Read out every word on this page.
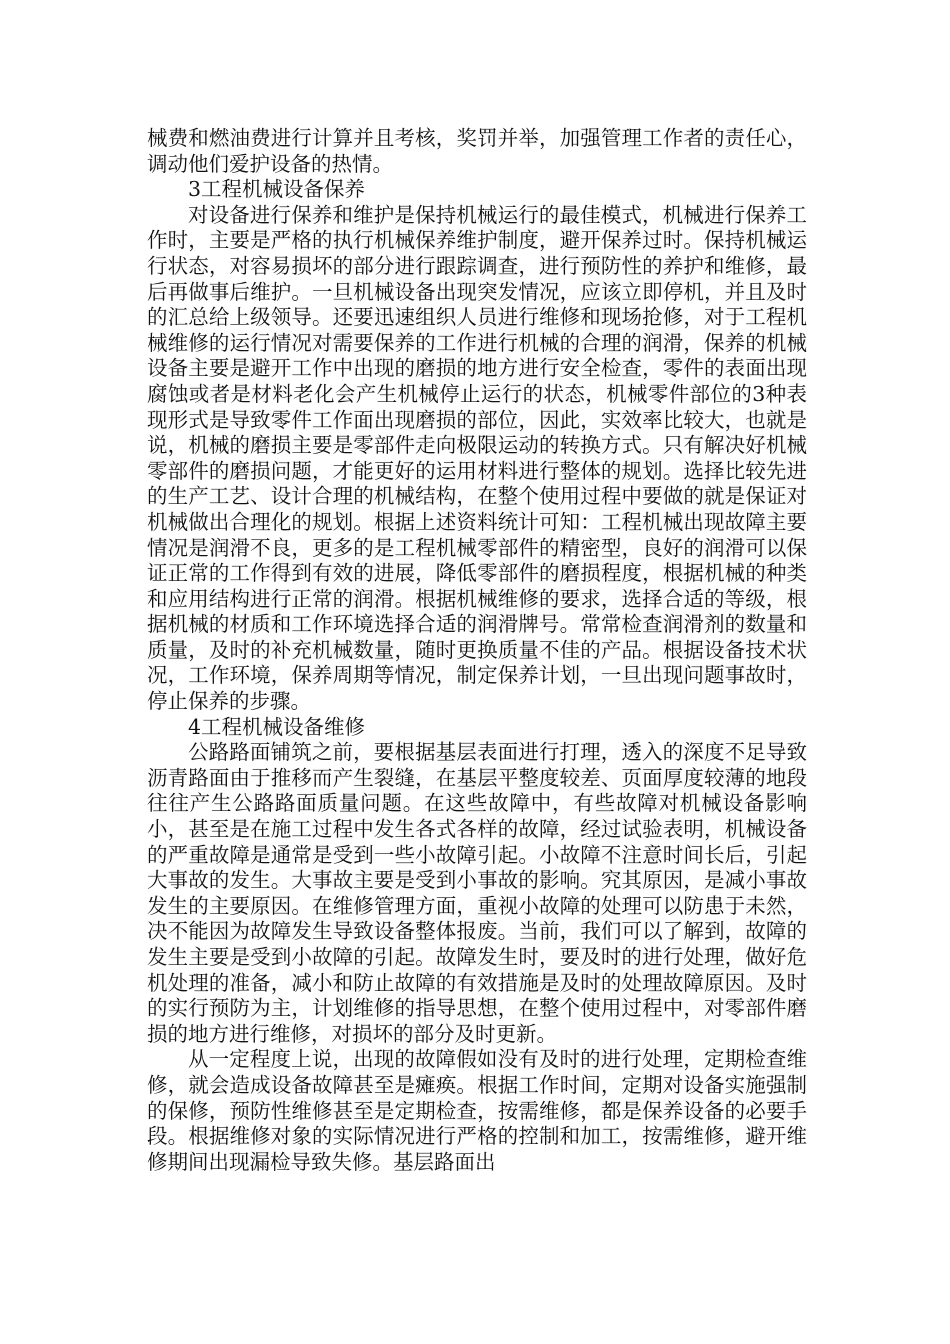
械费和燃油费进行计算并且考核，奖罚并举，加强管理工作者的责任心，调动他们爱护设备的热情。

3工程机械设备保养

对设备进行保养和维护是保持机械运行的最佳模式，机械进行保养工作时，主要是严格的执行机械保养维护制度，避开保养过时。保持机械运行状态，对容易损坏的部分进行跟踪调查，进行预防性的养护和维修，最后再做事后维护。一旦机械设备出现突发情况，应该立即停机，并且及时的汇总给上级领导。还要迅速组织人员进行维修和现场抢修，对于工程机械维修的运行情况对需要保养的工作进行机械的合理的润滑，保养的机械设备主要是避开工作中出现的磨损的地方进行安全检查，零件的表面出现腐蚀或者是材料老化会产生机械停止运行的状态，机械零件部位的3种表现形式是导致零件工作面出现磨损的部位，因此，实效率比较大，也就是说，机械的磨损主要是零部件走向极限运动的转换方式。只有解决好机械零部件的磨损问题，才能更好的运用材料进行整体的规划。选择比较先进的生产工艺、设计合理的机械结构，在整个使用过程中要做的就是保证对机械做出合理化的规划。根据上述资料统计可知：工程机械出现故障主要情况是润滑不良，更多的是工程机械零部件的精密型，良好的润滑可以保证正常的工作得到有效的进展，降低零部件的磨损程度，根据机械的种类和应用结构进行正常的润滑。根据机械维修的要求，选择合适的等级，根据机械的材质和工作环境选择合适的润滑牌号。常常检查润滑剂的数量和质量，及时的补充机械数量，随时更换质量不佳的产品。根据设备技术状况，工作环境，保养周期等情况，制定保养计划，一旦出现问题事故时，停止保养的步骤。

4工程机械设备维修

公路路面铺筑之前，要根据基层表面进行打理，透入的深度不足导致沥青路面由于推移而产生裂缝，在基层平整度较差、页面厚度较薄的地段往往产生公路路面质量问题。在这些故障中，有些故障对机械设备影响小，甚至是在施工过程中发生各式各样的故障，经过试验表明，机械设备的严重故障是通常是受到一些小故障引起。小故障不注意时间长后，引起大事故的发生。大事故主要是受到小事故的影响。究其原因，是减小事故发生的主要原因。在维修管理方面，重视小故障的处理可以防患于未然，决不能因为故障发生导致设备整体报废。当前，我们可以了解到，故障的发生主要是受到小故障的引起。故障发生时，要及时的进行处理，做好危机处理的准备，减小和防止故障的有效措施是及时的处理故障原因。及时的实行预防为主，计划维修的指导思想，在整个使用过程中，对零部件磨损的地方进行维修，对损坏的部分及时更新。

从一定程度上说，出现的故障假如没有及时的进行处理，定期检查维修，就会造成设备故障甚至是瘫痪。根据工作时间，定期对设备实施强制的保修，预防性维修甚至是定期检查，按需维修，都是保养设备的必要手段。根据维修对象的实际情况进行严格的控制和加工，按需维修，避开维修期间出现漏检导致失修。基层路面出
